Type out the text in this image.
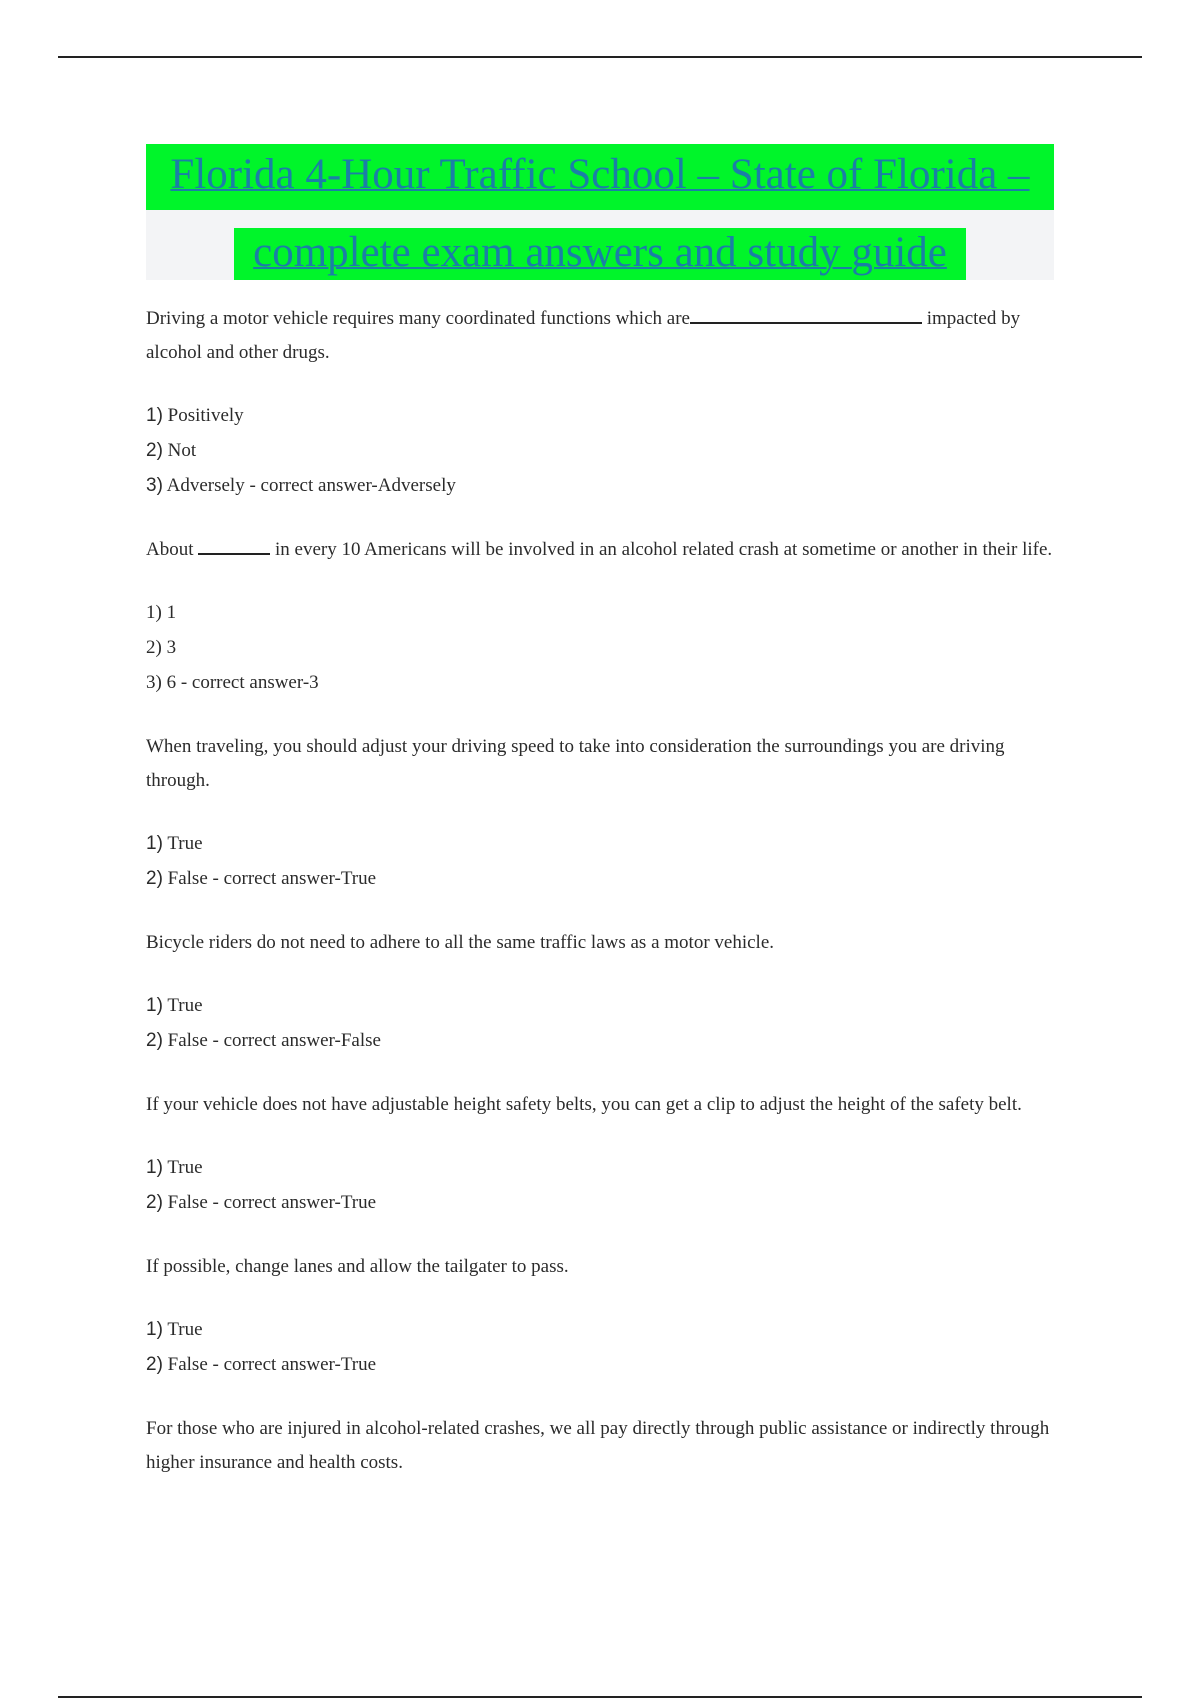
Florida 4-Hour Traffic School – State of Florida –
complete exam answers and study guide

Driving a motor vehicle requires many coordinated functions which are	impacted by alcohol and other drugs.

1) Positively
2) Not
3) Adversely - correct answer-Adversely

About	in every 10 Americans will be involved in an alcohol related crash at sometime or another in their life.

1) 1
2) 3
3) 6 - correct answer-3

When traveling, you should adjust your driving speed to take into consideration the surroundings you are driving through.

1) True
2) False - correct answer-True

Bicycle riders do not need to adhere to all the same traffic laws as a motor vehicle.

1) True
2) False - correct answer-False

If your vehicle does not have adjustable height safety belts, you can get a clip to adjust the height of the safety belt.

1) True
2) False - correct answer-True

If possible, change lanes and allow the tailgater to pass.

1) True
2) False - correct answer-True

For those who are injured in alcohol-related crashes, we all pay directly through public assistance or indirectly through higher insurance and health costs.
